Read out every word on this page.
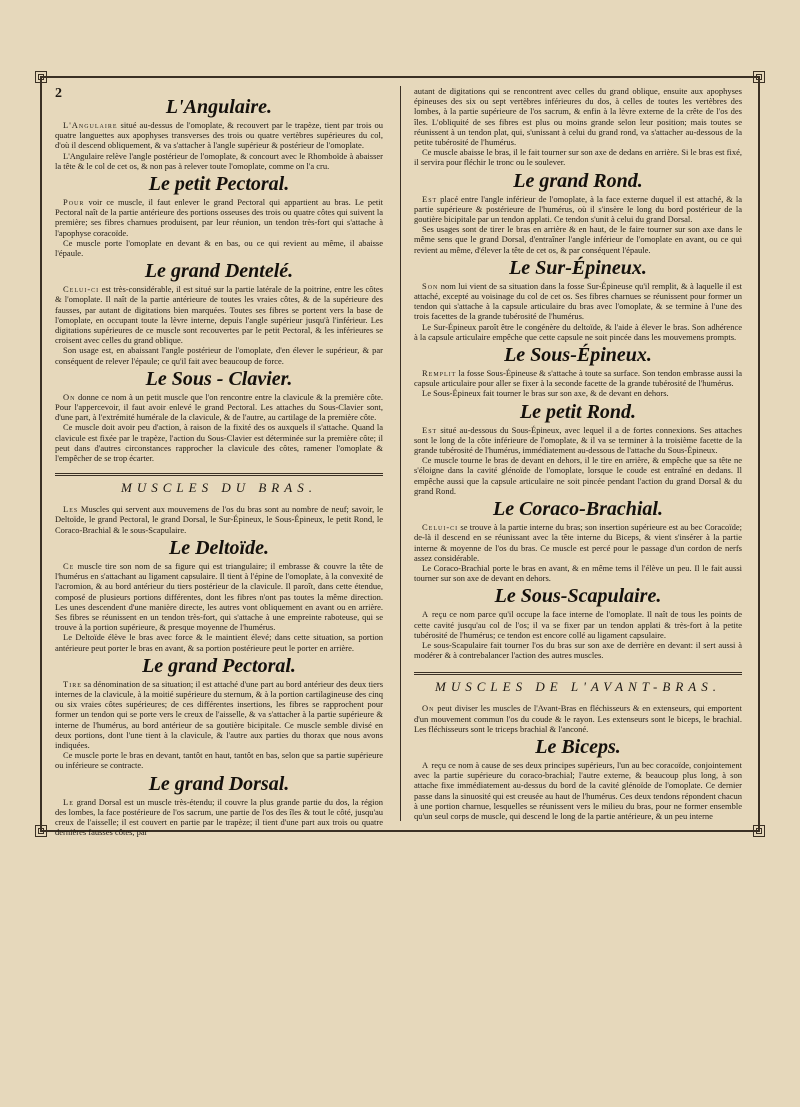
2
L'Angulaire.

L'Angulaire situé au-dessus de l'omoplate, & recouvert par le trapèze, tient par trois ou quatre languettes aux apophyses transverses des trois ou quatre vertèbres supérieures du col, d'où il descend obliquement, & va s'attacher à l'angle supérieur & postérieur de l'omoplate.

L'Angulaire relève l'angle postérieur de l'omoplate, & concourt avec le Rhomboïde à abaisser la tête & le col de cet os, & non pas à relever toute l'omoplate, comme on l'a cru.

Le petit Pectoral.

Pour voir ce muscle, il faut enlever le grand Pectoral qui appartient au bras. Le petit Pectoral naît de la partie antérieure des portions osseuses des trois ou quatre côtes qui suivent la première; ses fibres charnues produisent, par leur réunion, un tendon très-fort qui s'attache à l'apophyse coracoïde.

Ce muscle porte l'omoplate en devant & en bas, ou ce qui revient au même, il abaisse l'épaule.

Le grand Dentelé.

Celui-ci est très-considérable, il est situé sur la partie latérale de la poitrine, entre les côtes & l'omoplate. Il naît de la partie antérieure de toutes les vraies côtes, & de la supérieure des fausses, par autant de digitations bien marquées. Toutes ses fibres se portent vers la base de l'omoplate, en occupant toute la lèvre interne, depuis l'angle supérieur jusqu'à l'inférieur. Les digitations supérieures de ce muscle sont recouvertes par le petit Pectoral, & les inférieures se croisent avec celles du grand oblique.

Son usage est, en abaissant l'angle postérieur de l'omoplate, d'en élever le supérieur, & par conséquent de relever l'épaule; ce qu'il fait avec beaucoup de force.

Le Sous - Clavier.

On donne ce nom à un petit muscle que l'on rencontre entre la clavicule & la première côte. Pour l'appercevoir, il faut avoir enlevé le grand Pectoral. Les attaches du Sous-Clavier sont, d'une part, à l'extrémité humérale de la clavicule, & de l'autre, au cartilage de la première côte.

Ce muscle doit avoir peu d'action, à raison de la fixité des os auxquels il s'attache. Quand la clavicule est fixée par le trapèze, l'action du Sous-Clavier est déterminée sur la première côte; il peut dans d'autres circonstances rapprocher la clavicule des côtes, ramener l'omoplate & l'empêcher de se trop écarter.

MUSCLES DU BRAS.

Les Muscles qui servent aux mouvemens de l'os du bras sont au nombre de neuf; savoir, le Deltoïde, le grand Pectoral, le grand Dorsal, le Sur-Épineux, le Sous-Épineux, le petit Rond, le Coraco-Brachial & le sous-Scapulaire.

Le Deltoïde.

Ce muscle tire son nom de sa figure qui est triangulaire; il embrasse & couvre la tête de l'humérus en s'attachant au ligament capsulaire. Il tient à l'épine de l'omoplate, à la convexité de l'acromion, & au bord antérieur du tiers postérieur de la clavicule. Il paroît, dans cette étendue, composé de plusieurs portions différentes, dont les fibres n'ont pas toutes la même direction. Les unes descendent d'une manière directe, les autres vont obliquement en avant ou en arrière. Ses fibres se réunissent en un tendon très-fort, qui s'attache à une empreinte raboteuse, qui se trouve à la portion supérieure, & presque moyenne de l'humérus.

Le Deltoïde élève le bras avec force & le maintient élevé; dans cette situation, sa portion antérieure peut porter le bras en avant, & sa portion postérieure peut le porter en arrière.

Le grand Pectoral.

Tire sa dénomination de sa situation; il est attaché d'une part au bord antérieur des deux tiers internes de la clavicule, à la moitié supérieure du sternum, & à la portion cartilagineuse des cinq ou six vraies côtes supérieures; de ces différentes insertions, les fibres se rapprochent pour former un tendon qui se porte vers le creux de l'aisselle, & va s'attacher à la partie supérieure & interne de l'humérus, au bord antérieur de sa goutière bicipitale. Ce muscle semble divisé en deux portions, dont l'une tient à la clavicule, & l'autre aux parties du thorax que nous avons indiquées.

Ce muscle porte le bras en devant, tantôt en haut, tantôt en bas, selon que sa partie supérieure ou inférieure se contracte.

Le grand Dorsal.

Le grand Dorsal est un muscle très-étendu; il couvre la plus grande partie du dos, la région des lombes, la face postérieure de l'os sacrum, une partie de l'os des îles & tout le côté, jusqu'au creux de l'aisselle; il est couvert en partie par le trapèze; il tient d'une part aux trois ou quatre dernières fausses côtes, par

autant de digitations qui se rencontrent avec celles du grand oblique, ensuite aux apophyses épineuses des six ou sept vertèbres inférieures du dos, à celles de toutes les vertèbres des lombes, à la partie supérieure de l'os sacrum, & enfin à la lèvre externe de la crête de l'os des îles. L'obliquité de ses fibres est plus ou moins grande selon leur position; mais toutes se réunissent à un tendon plat, qui, s'unissant à celui du grand rond, va s'attacher au-dessous de la petite tubérosité de l'humérus.

Ce muscle abaisse le bras, il le fait tourner sur son axe de dedans en arrière. Si le bras est fixé, il servira pour fléchir le tronc ou le soulever.

Le grand Rond.

Est placé entre l'angle inférieur de l'omoplate, à la face externe duquel il est attaché, & la partie supérieure & postérieure de l'humérus, où il s'insère le long du bord postérieur de la goutière bicipitale par un tendon applati. Ce tendon s'unit à celui du grand Dorsal.

Ses usages sont de tirer le bras en arrière & en haut, de le faire tourner sur son axe dans le même sens que le grand Dorsal, d'entraîner l'angle inférieur de l'omoplate en avant, ou ce qui revient au même, d'élever la tête de cet os, & par conséquent l'épaule.

Le Sur-Épineux.

Son nom lui vient de sa situation dans la fosse Sur-Épineuse qu'il remplit, & à laquelle il est attaché, excepté au voisinage du col de cet os. Ses fibres charnues se réunissent pour former un tendon qui s'attache à la capsule articulaire du bras avec l'omoplate, & se termine à l'une des trois facettes de la grande tubérosité de l'humérus.

Le Sur-Épineux paroît être le congénère du deltoïde, & l'aide à élever le bras. Son adhérence à la capsule articulaire empêche que cette capsule ne soit pincée dans les mouvemens prompts.

Le Sous-Épineux.

Remplit la fosse Sous-Épineuse & s'attache à toute sa surface. Son tendon embrasse aussi la capsule articulaire pour aller se fixer à la seconde facette de la grande tubérosité de l'humérus.

Le Sous-Épineux fait tourner le bras sur son axe, & de devant en dehors.

Le petit Rond.

Est situé au-dessous du Sous-Épineux, avec lequel il a de fortes connexions. Ses attaches sont le long de la côte inférieure de l'omoplate, & il va se terminer à la troisième facette de la grande tubérosité de l'humérus, immédiatement au-dessous de l'attache du Sous-Épineux.

Ce muscle tourne le bras de devant en dehors, il le tire en arrière, & empêche que sa tête ne s'éloigne dans la cavité glénoïde de l'omoplate, lorsque le coude est entraîné en dedans. Il empêche aussi que la capsule articulaire ne soit pincée pendant l'action du grand Dorsal & du grand Rond.

Le Coraco-Brachial.

Celui-ci se trouve à la partie interne du bras; son insertion supérieure est au bec Coracoïde; de-là il descend en se réunissant avec la tête interne du Biceps, & vient s'insérer à la partie interne & moyenne de l'os du bras. Ce muscle est percé pour le passage d'un cordon de nerfs assez considérable.

Le Coraco-Brachial porte le bras en avant, & en même tems il l'élève un peu. Il le fait aussi tourner sur son axe de devant en dehors.

Le Sous-Scapulaire.

A reçu ce nom parce qu'il occupe la face interne de l'omoplate. Il naît de tous les points de cette cavité jusqu'au col de l'os; il va se fixer par un tendon applati & très-fort à la petite tubérosité de l'humérus; ce tendon est encore collé au ligament capsulaire.

Le sous-Scapulaire fait tourner l'os du bras sur son axe de derrière en devant: il sert aussi à modérer & à contrebalancer l'action des autres muscles.

MUSCLES DE L'AVANT-BRAS.

On peut diviser les muscles de l'Avant-Bras en fléchisseurs & en extenseurs, qui emportent d'un mouvement commun l'os du coude & le rayon. Les extenseurs sont le biceps, le brachial. Les fléchisseurs sont le triceps brachial & l'anconé.

Le Biceps.

A reçu ce nom à cause de ses deux principes supérieurs, l'un au bec coracoïde, conjointement avec la partie supérieure du coraco-brachial; l'autre externe, & beaucoup plus long, à son attache fixe immédiatement au-dessus du bord de la cavité glénoïde de l'omoplate. Ce dernier passe dans la sinuosité qui est creusée au haut de l'humérus. Ces deux tendons répondent chacun à une portion charnue, lesquelles se réunissent vers le milieu du bras, pour ne former ensemble qu'un seul corps de muscle, qui descend le long de la partie antérieure, & un peu interne
